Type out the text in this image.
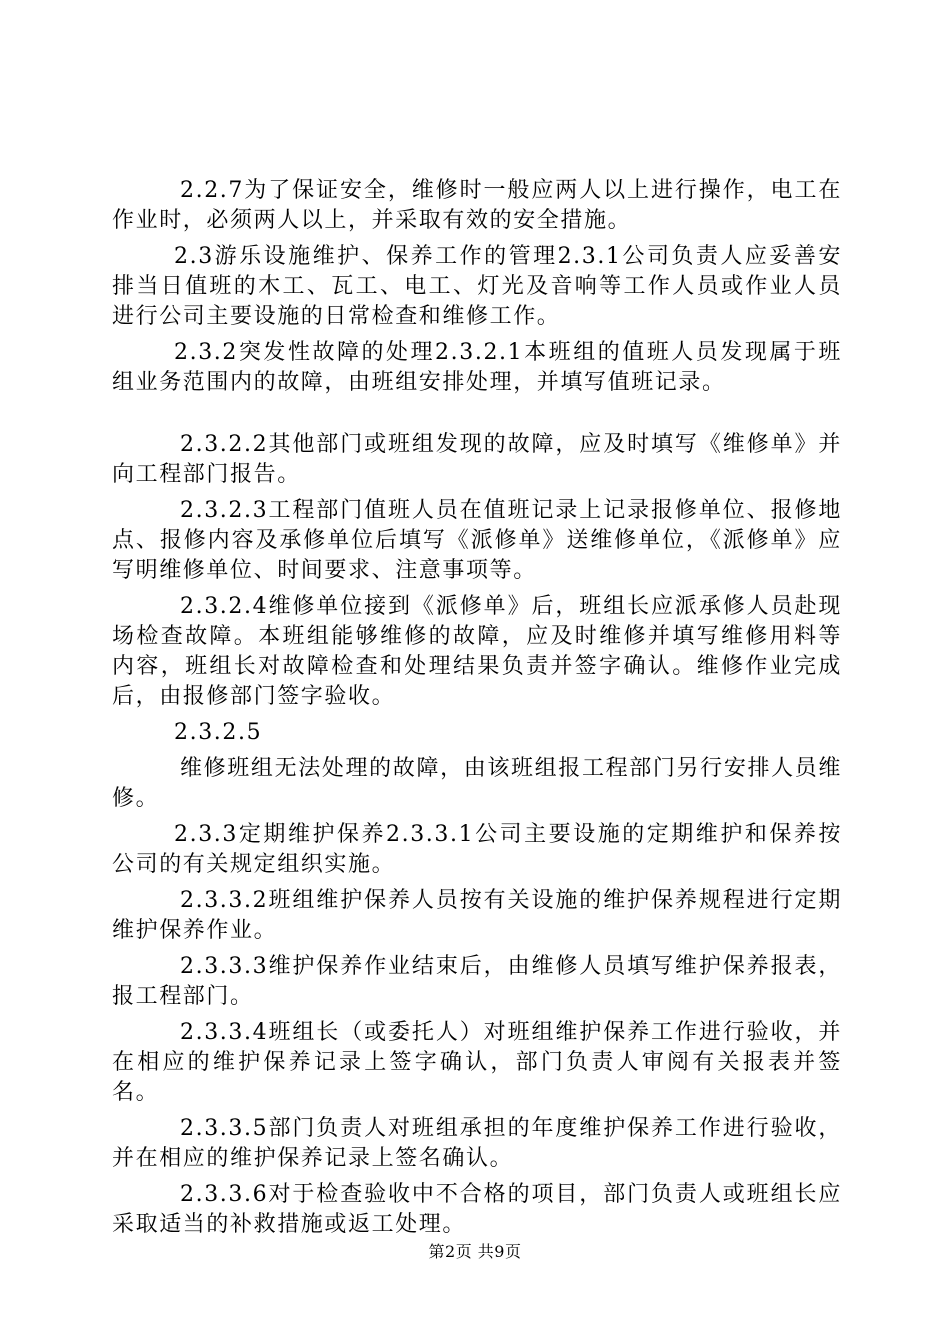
2.2.7为了保证安全，维修时一般应两人以上进行操作，电工在作业时，必须两人以上，并采取有效的安全措施。

2.3游乐设施维护、保养工作的管理2.3.1公司负责人应妥善安排当日值班的木工、瓦工、电工、灯光及音响等工作人员或作业人员进行公司主要设施的日常检查和维修工作。

2.3.2突发性故障的处理2.3.2.1本班组的值班人员发现属于班组业务范围内的故障，由班组安排处理，并填写值班记录。

2.3.2.2其他部门或班组发现的故障，应及时填写《维修单》并向工程部门报告。

2.3.2.3工程部门值班人员在值班记录上记录报修单位、报修地点、报修内容及承修单位后填写《派修单》送维修单位，《派修单》应写明维修单位、时间要求、注意事项等。

2.3.2.4维修单位接到《派修单》后，班组长应派承修人员赴现场检查故障。本班组能够维修的故障，应及时维修并填写维修用料等内容，班组长对故障检查和处理结果负责并签字确认。维修作业完成后，由报修部门签字验收。

2.3.2.5

维修班组无法处理的故障，由该班组报工程部门另行安排人员维修。

2.3.3定期维护保养2.3.3.1公司主要设施的定期维护和保养按公司的有关规定组织实施。

2.3.3.2班组维护保养人员按有关设施的维护保养规程进行定期维护保养作业。

2.3.3.3维护保养作业结束后，由维修人员填写维护保养报表，报工程部门。

2.3.3.4班组长（或委托人）对班组维护保养工作进行验收，并在相应的维护保养记录上签字确认，部门负责人审阅有关报表并签名。

2.3.3.5部门负责人对班组承担的年度维护保养工作进行验收，并在相应的维护保养记录上签名确认。

2.3.3.6对于检查验收中不合格的项目，部门负责人或班组长应采取适当的补救措施或返工处理。

第2页 共9页
